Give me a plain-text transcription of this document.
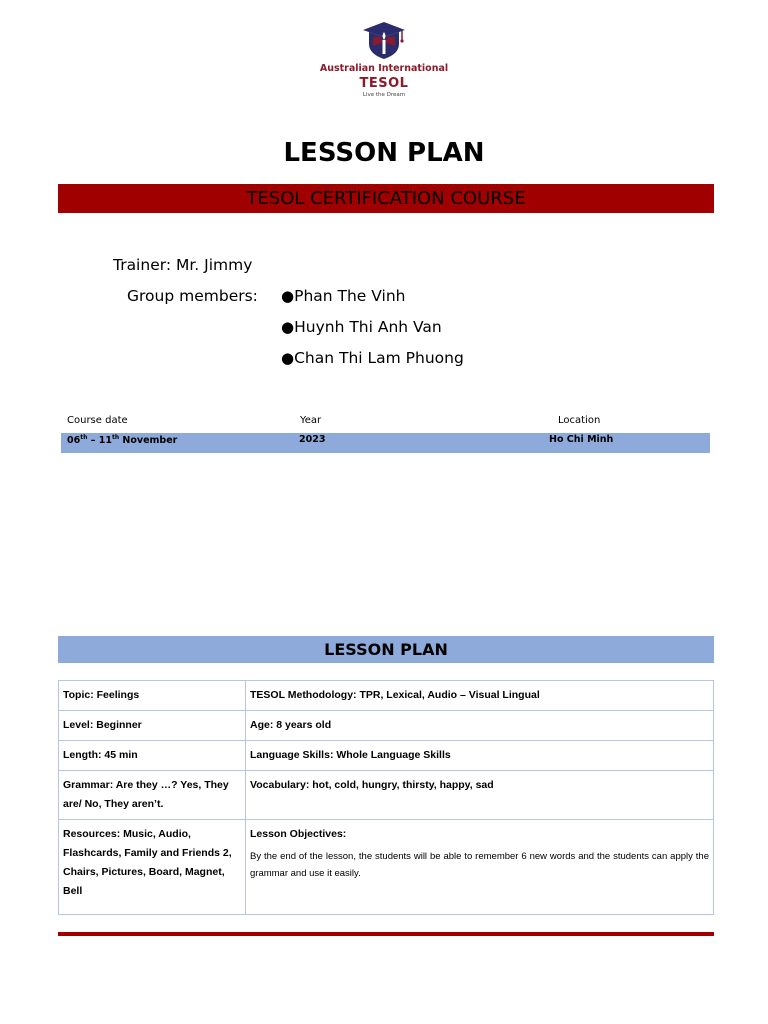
Australian International
TESOL
Live the Dream
LESSON PLAN
TESOL CERTIFICATION COURSE
Trainer: Mr. Jimmy
Group members: ●Phan The Vinh
●Huynh Thi Anh Van
●Chan Thi Lam Phuong
Course date	Year	Location
06th – 11th November	2023	Ho Chi Minh
LESSON PLAN
Topic: Feelings	TESOL Methodology: TPR, Lexical, Audio – Visual Lingual
Level: Beginner	Age: 8 years old
Length: 45 min	Language Skills: Whole Language Skills
Grammar: Are they …? Yes, They are/ No, They aren’t.	Vocabulary: hot, cold, hungry, thirsty, happy, sad
Resources: Music, Audio, Flashcards, Family and Friends 2, Chairs, Pictures, Board, Magnet, Bell	Lesson Objectives:
By the end of the lesson, the students will be able to remember 6 new words and the students can apply the grammar and use it easily.
